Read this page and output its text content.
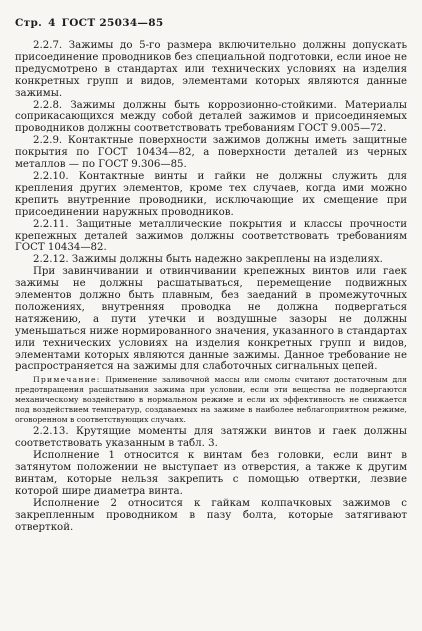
Стр. 4 ГОСТ 25034—85

2.2.7. Зажимы до 5-го размера включительно должны допускать присоединение проводников без специальной подготовки, если иное не предусмотрено в стандартах или технических условиях на изделия конкретных групп и видов, элементами которых являются данные зажимы.

2.2.8. Зажимы должны быть коррозионно-стойкими. Материалы соприкасающихся между собой деталей зажимов и присоединяемых проводников должны соответствовать требованиям ГОСТ 9.005—72.

2.2.9. Контактные поверхности зажимов должны иметь защитные покрытия по ГОСТ 10434—82, а поверхности деталей из черных металлов — по ГОСТ 9.306—85.

2.2.10. Контактные винты и гайки не должны служить для крепления других элементов, кроме тех случаев, когда ими можно крепить внутренние проводники, исключающие их смещение при присоединении наружных проводников.

2.2.11. Защитные металлические покрытия и классы прочности крепежных деталей зажимов должны соответствовать требованиям ГОСТ 10434—82.

2.2.12. Зажимы должны быть надежно закреплены на изделиях.

При завинчивании и отвинчивании крепежных винтов или гаек зажимы не должны расшатываться, перемещение подвижных элементов должно быть плавным, без заеданий в промежуточных положениях, внутренняя проводка не должна подвергаться натяжению, а пути утечки и воздушные зазоры не должны уменьшаться ниже нормированного значения, указанного в стандартах или технических условиях на изделия конкретных групп и видов, элементами которых являются данные зажимы. Данное требование не распространяется на зажимы для слаботочных сигнальных цепей.

Примечание: Применение заливочной массы или смолы считают достаточным для предотвращения расшатывания зажима при условии, если эти вещества не подвергаются механическому воздействию в нормальном режиме и если их эффективность не снижается под воздействием температур, создаваемых на зажиме в наиболее неблагоприятном режиме, оговоренном в соответствующих случаях.

2.2.13. Крутящие моменты для затяжки винтов и гаек должны соответствовать указанным в табл. 3.

Исполнение 1 относится к винтам без головки, если винт в затянутом положении не выступает из отверстия, а также к другим винтам, которые нельзя закрепить с помощью отвертки, лезвие которой шире диаметра винта.

Исполнение 2 относится к гайкам колпачковых зажимов с закрепленным проводником в пазу болта, которые затягивают отверткой.
